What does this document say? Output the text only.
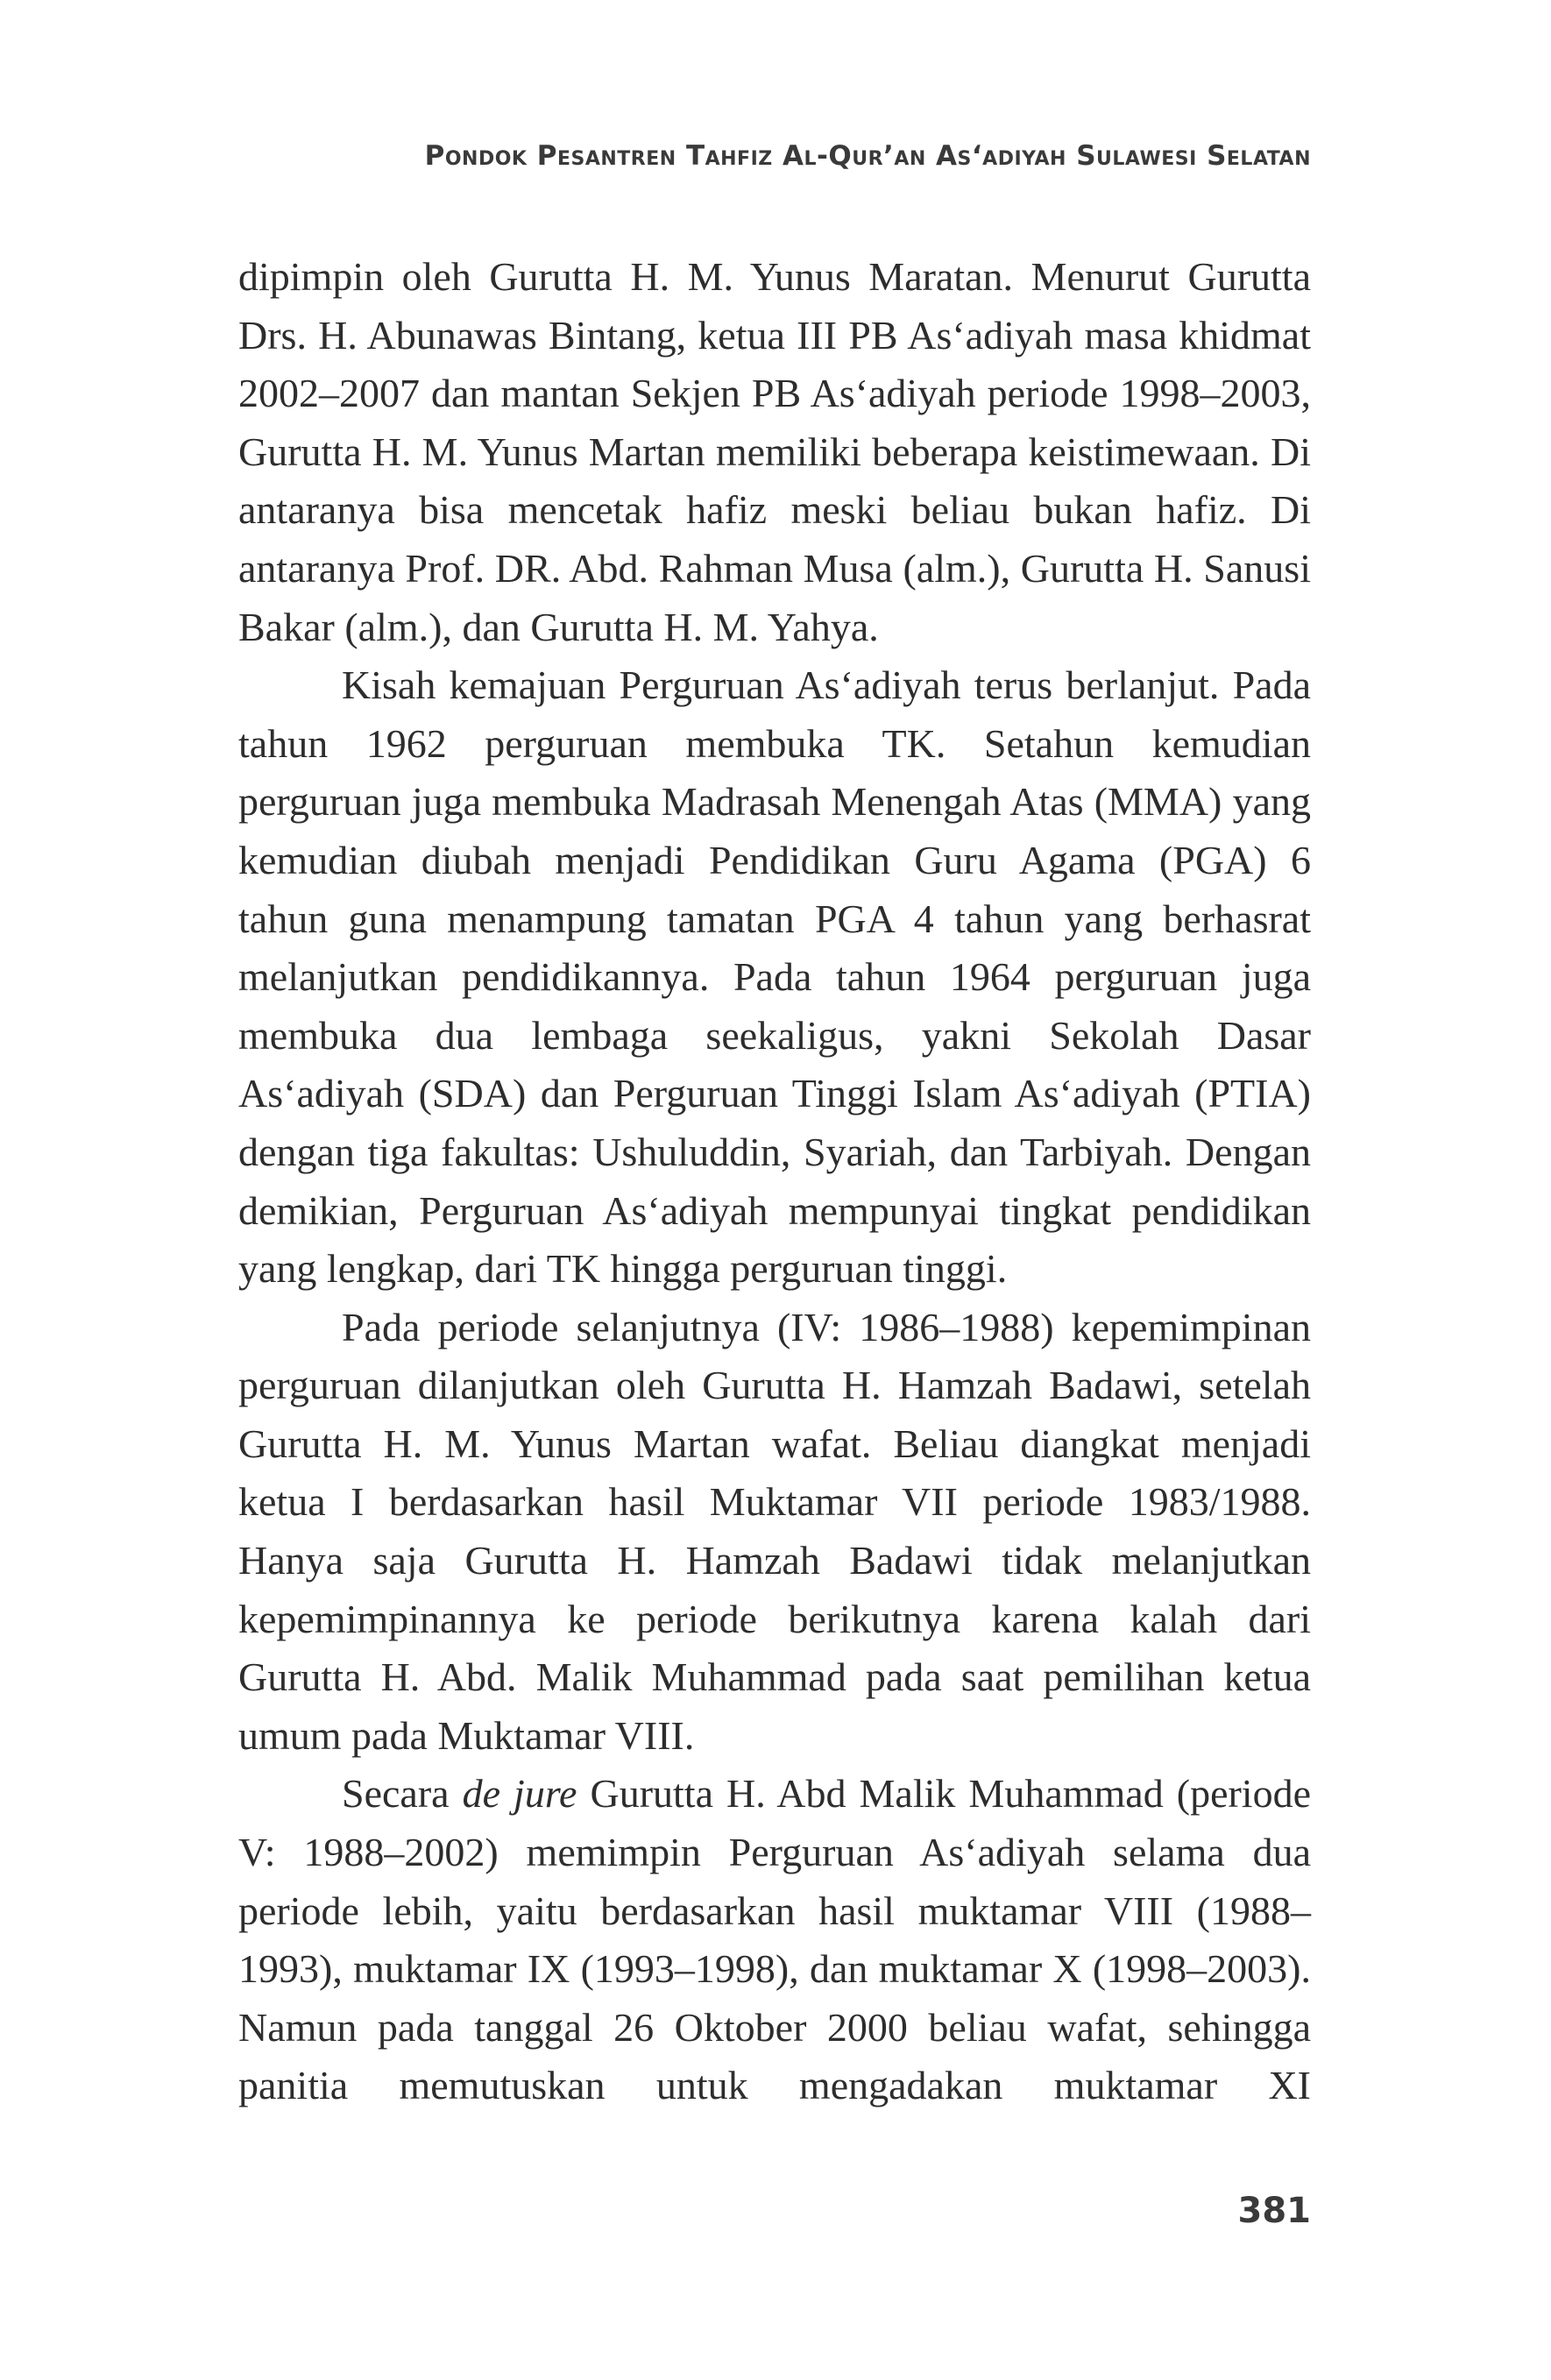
Pondok Pesantren Tahfiz Al-Qur’an As‘adiyah Sulawesi Selatan

dipimpin oleh Gurutta H. M. Yunus Maratan. Menurut Gurutta Drs. H. Abunawas Bintang, ketua III PB As‘adiyah masa khidmat 2002–2007 dan mantan Sekjen PB As‘adiyah periode 1998–2003, Gurutta H. M. Yunus Martan memiliki beberapa keistimewaan. Di antaranya bisa mencetak hafiz meski beliau bukan hafiz. Di antaranya Prof. DR. Abd. Rahman Musa (alm.), Gurutta H. Sanusi Bakar (alm.), dan Gurutta H. M. Yahya.

Kisah kemajuan Perguruan As‘adiyah terus berlanjut. Pada tahun 1962 perguruan membuka TK. Setahun kemudian perguruan juga membuka Madrasah Menengah Atas (MMA) yang kemudian diubah menjadi Pendidikan Guru Agama (PGA) 6 tahun guna menampung tamatan PGA 4 tahun yang berhasrat melanjutkan pendidikannya. Pada tahun 1964 perguruan juga membuka dua lembaga seekaligus, yakni Sekolah Dasar As‘adiyah (SDA) dan Perguruan Tinggi Islam As‘adiyah (PTIA) dengan tiga fakultas: Ushuluddin, Syariah, dan Tarbiyah. Dengan demikian, Perguruan As‘adiyah mempunyai tingkat pendidikan yang lengkap, dari TK hingga perguruan tinggi.

Pada periode selanjutnya (IV: 1986–1988) kepemimpinan perguruan dilanjutkan oleh Gurutta H. Hamzah Badawi, setelah Gurutta H. M. Yunus Martan wafat. Beliau diangkat menjadi ketua I berdasarkan hasil Muktamar VII periode 1983/1988. Hanya saja Gurutta H. Hamzah Badawi tidak melanjutkan kepemimpinannya ke periode berikutnya karena kalah dari Gurutta H. Abd. Malik Muhammad pada saat pemilihan ketua umum pada Muktamar VIII.

Secara de jure Gurutta H. Abd Malik Muhammad (periode V: 1988–2002) memimpin Perguruan As‘adiyah selama dua periode lebih, yaitu berdasarkan hasil muktamar VIII (1988–1993), muktamar IX (1993–1998), dan muktamar X (1998–2003). Namun pada tanggal 26 Oktober 2000 beliau wafat, sehingga panitia memutuskan untuk mengadakan muktamar XI

381
